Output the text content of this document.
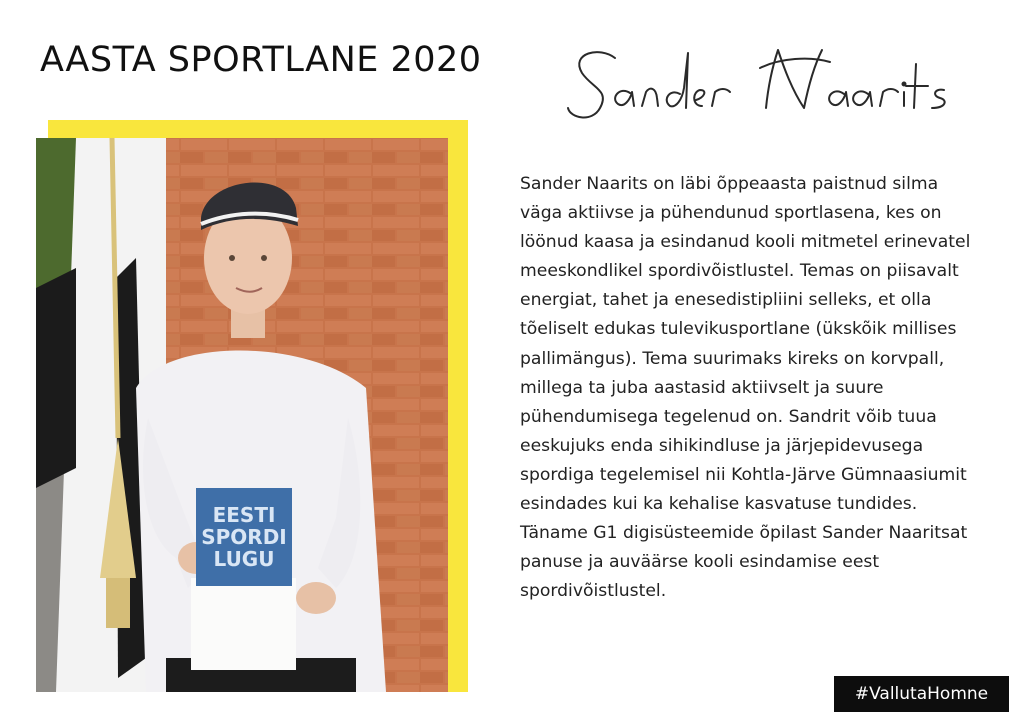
AASTA SPORTLANE 2020
EESTI
SPORDI
LUGU
Sander Naarits on läbi õppeaasta paistnud silma
väga aktiivse ja pühendunud sportlasena, kes on
löönud kaasa ja esindanud kooli mitmetel erinevatel
meeskondlikel spordivõistlustel. Temas on piisavalt
energiat, tahet ja enesedistipliini selleks, et olla
tõeliselt edukas tulevikusportlane (ükskõik millises
pallimängus). Tema suurimaks kireks on korvpall,
millega ta juba aastasid aktiivselt ja suure
pühendumisega tegelenud on. Sandrit võib tuua
eeskujuks enda sihikindluse ja järjepidevusega
spordiga tegelemisel nii Kohtla-Järve Gümnaasiumit
esindades kui ka kehalise kasvatuse tundides.
Täname G1 digisüsteemide õpilast Sander Naaritsat
panuse ja auväärse kooli esindamise eest
spordivõistlustel.
#VallutaHomne
